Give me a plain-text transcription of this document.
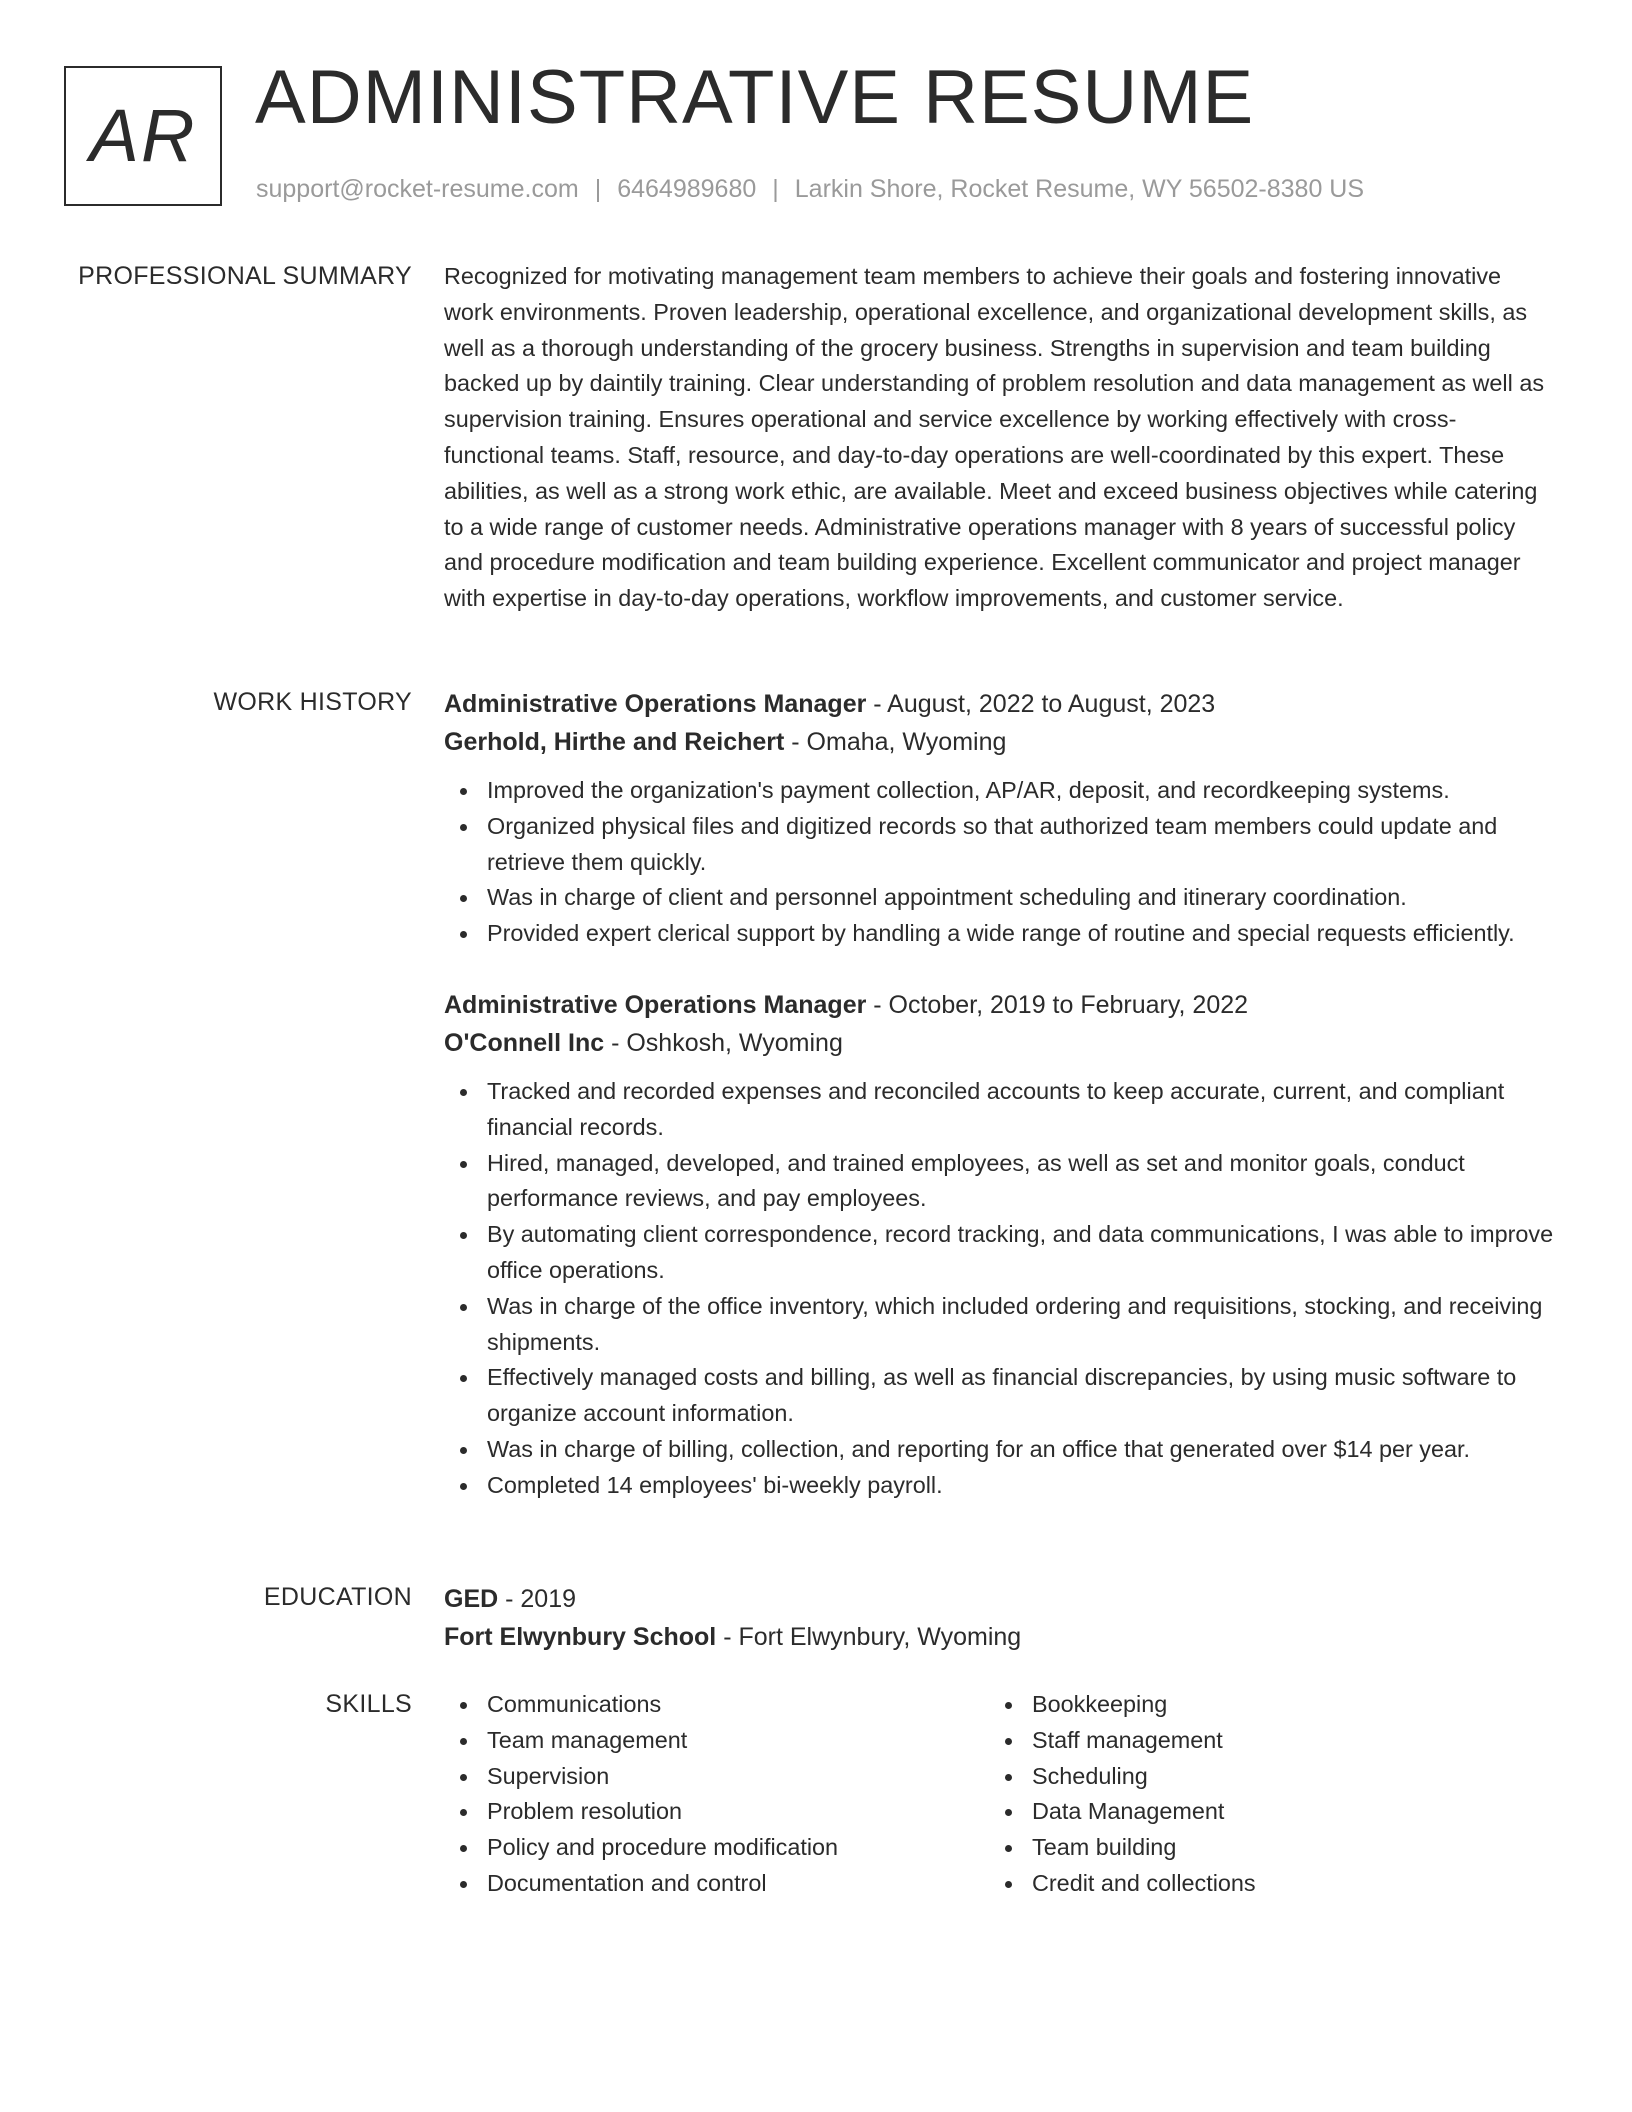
AR ADMINISTRATIVE RESUME
support@rocket-resume.com | 6464989680 | Larkin Shore, Rocket Resume, WY 56502-8380 US
PROFESSIONAL SUMMARY Recognized for motivating management team members to achieve their goals and fostering innovative work environments. Proven leadership, operational excellence, and organizational development skills, as well as a thorough understanding of the grocery business. Strengths in supervision and team building backed up by daintily training. Clear understanding of problem resolution and data management as well as supervision training. Ensures operational and service excellence by working effectively with cross-functional teams. Staff, resource, and day-to-day operations are well-coordinated by this expert. These abilities, as well as a strong work ethic, are available. Meet and exceed business objectives while catering to a wide range of customer needs. Administrative operations manager with 8 years of successful policy and procedure modification and team building experience. Excellent communicator and project manager with expertise in day-to-day operations, workflow improvements, and customer service.

WORK HISTORY Administrative Operations Manager - August, 2022 to August, 2023
Gerhold, Hirthe and Reichert - Omaha, Wyoming
Improved the organization's payment collection, AP/AR, deposit, and recordkeeping systems.
Organized physical files and digitized records so that authorized team members could update and retrieve them quickly.
Was in charge of client and personnel appointment scheduling and itinerary coordination.
Provided expert clerical support by handling a wide range of routine and special requests efficiently.
Administrative Operations Manager - October, 2019 to February, 2022
O'Connell Inc - Oshkosh, Wyoming
Tracked and recorded expenses and reconciled accounts to keep accurate, current, and compliant financial records.
Hired, managed, developed, and trained employees, as well as set and monitor goals, conduct performance reviews, and pay employees.
By automating client correspondence, record tracking, and data communications, I was able to improve office operations.
Was in charge of the office inventory, which included ordering and requisitions, stocking, and receiving shipments.
Effectively managed costs and billing, as well as financial discrepancies, by using music software to organize account information.
Was in charge of billing, collection, and reporting for an office that generated over $14 per year.
Completed 14 employees' bi-weekly payroll.
EDUCATION GED - 2019
Fort Elwynbury School - Fort Elwynbury, Wyoming
SKILLS	Communications
Team management
Supervision
Problem resolution
Policy and procedure modification
Documentation and control
Bookkeeping
Staff management
Scheduling
Data Management
Team building
Credit and collections
